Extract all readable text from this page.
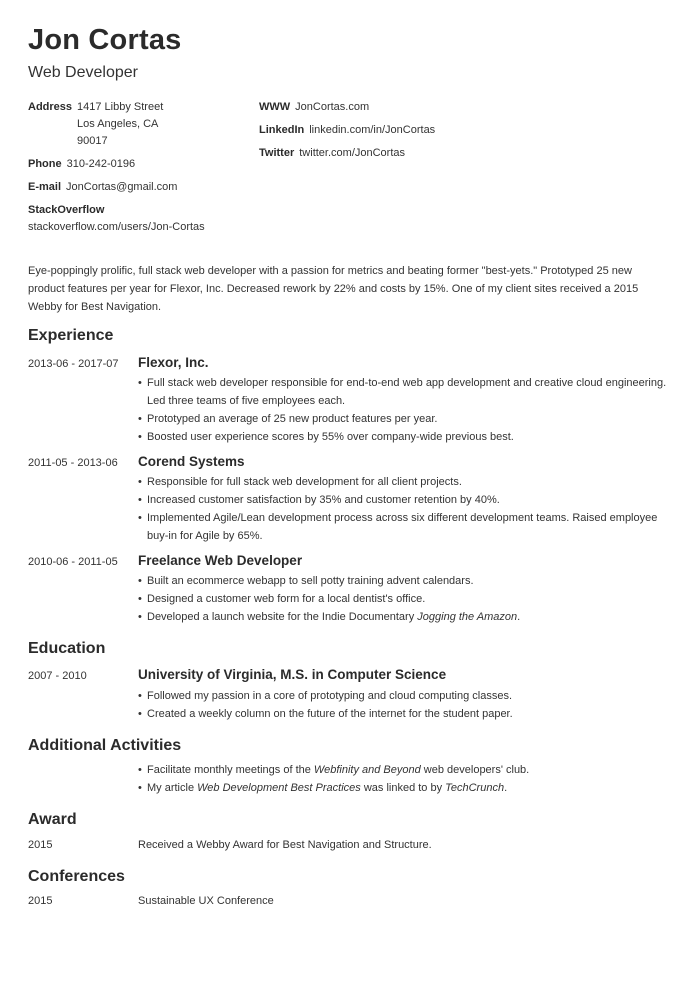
Jon Cortas
Web Developer
Address 1417 Libby Street
Los Angeles, CA
90017
Phone 310-242-0196
E-mail JonCortas@gmail.com
StackOverflow
stackoverflow.com/users/Jon-Cortas
WWW JonCortas.com
LinkedIn linkedin.com/in/JonCortas
Twitter twitter.com/JonCortas
Eye-poppingly prolific, full stack web developer with a passion for metrics and beating former "best-yets." Prototyped 25 new product features per year for Flexor, Inc. Decreased rework by 22% and costs by 15%. One of my client sites received a 2015 Webby for Best Navigation.
Experience
2013-06 - 2017-07 Flexor, Inc.
• Full stack web developer responsible for end-to-end web app development and creative cloud engineering. Led three teams of five employees each.
• Prototyped an average of 25 new product features per year.
• Boosted user experience scores by 55% over company-wide previous best.
2011-05 - 2013-06 Corend Systems
• Responsible for full stack web development for all client projects.
• Increased customer satisfaction by 35% and customer retention by 40%.
• Implemented Agile/Lean development process across six different development teams. Raised employee buy-in for Agile by 65%.
2010-06 - 2011-05 Freelance Web Developer
• Built an ecommerce webapp to sell potty training advent calendars.
• Designed a customer web form for a local dentist's office.
• Developed a launch website for the Indie Documentary Jogging the Amazon.
Education
2007 - 2010	University of Virginia, M.S. in Computer Science
• Followed my passion in a core of prototyping and cloud computing classes.
• Created a weekly column on the future of the internet for the student paper.
Additional Activities
• Facilitate monthly meetings of the Webfinity and Beyond web developers' club.
• My article Web Development Best Practices was linked to by TechCrunch.
Award
2015	Received a Webby Award for Best Navigation and Structure.
Conferences
2015	Sustainable UX Conference
